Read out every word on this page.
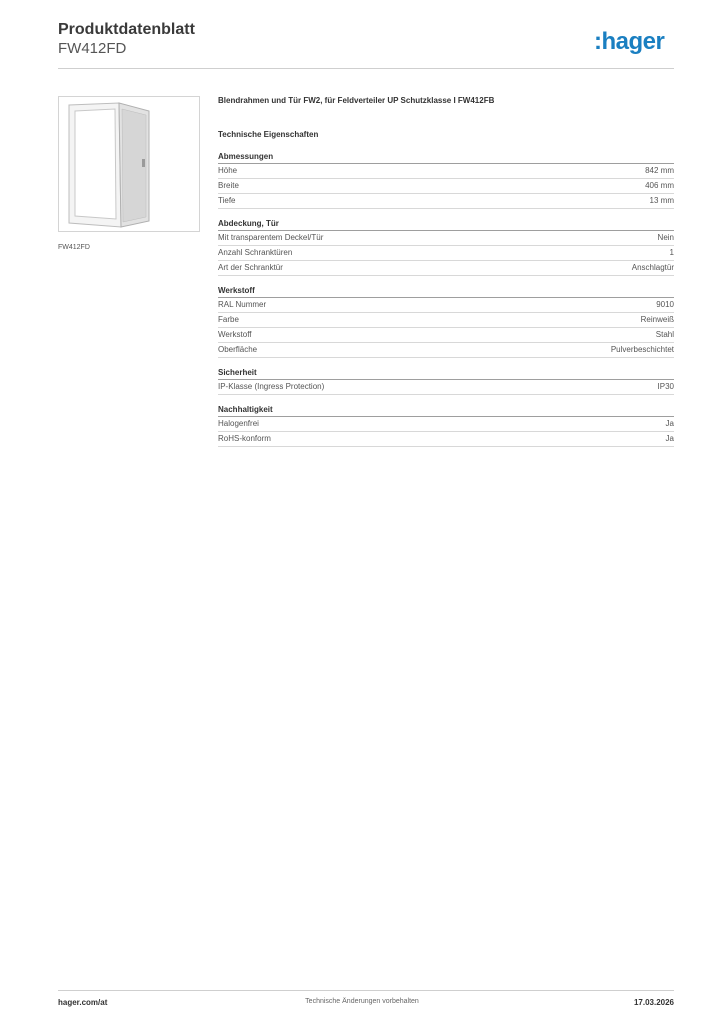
Produktdatenblatt
FW412FD	:hager
FW412FD
Blendrahmen und Tür FW2, für Feldverteiler UP Schutzklasse I FW412FB
Technische Eigenschaften
Abmessungen
Höhe	842 mm
Breite	406 mm
Tiefe	13 mm
Abdeckung, Tür
Mit transparentem Deckel/Tür	Nein
Anzahl Schranktüren	1
Art der Schranktür	Anschlagtür
Werkstoff
RAL Nummer	9010
Farbe	Reinweiß
Werkstoff	Stahl
Oberfläche	Pulverbeschichtet
Sicherheit
IP-Klasse (Ingress Protection)	IP30
Nachhaltigkeit
Halogenfrei	Ja
RoHS-konform	Ja
hager.com/at	Technische Änderungen vorbehalten	17.03.2026
